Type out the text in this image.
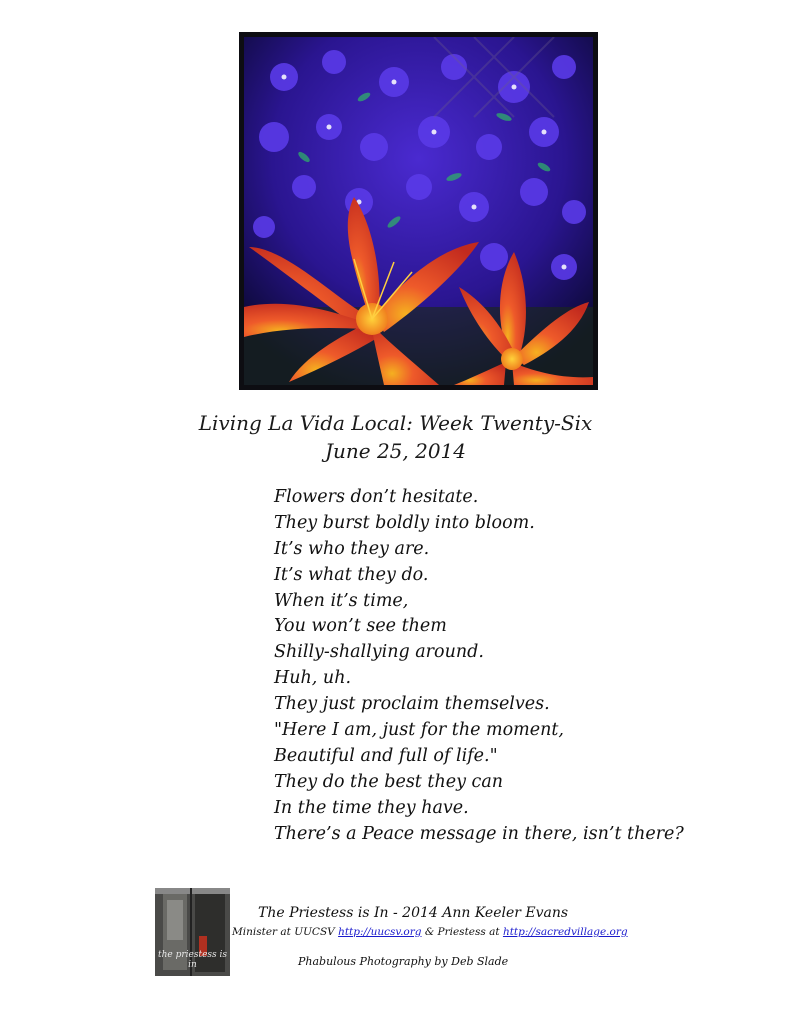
Living La Vida Local: Week Twenty-Six
June 25, 2014
Flowers don’t hesitate.
They burst boldly into bloom.
It’s who they are.
It’s what they do.
When it’s time,
You won’t see them
Shilly-shallying around.
Huh, uh.
They just proclaim themselves.
"Here I am, just for the moment,
Beautiful and full of life."
They do the best they can
In the time they have.
There’s a Peace message in there, isn’t there?
the priestess is in
The Priestess is In - 2014 Ann Keeler Evans
Minister at UUCSV http://uucsv.org & Priestess at http://sacredvillage.org
Phabulous Photography by Deb Slade
